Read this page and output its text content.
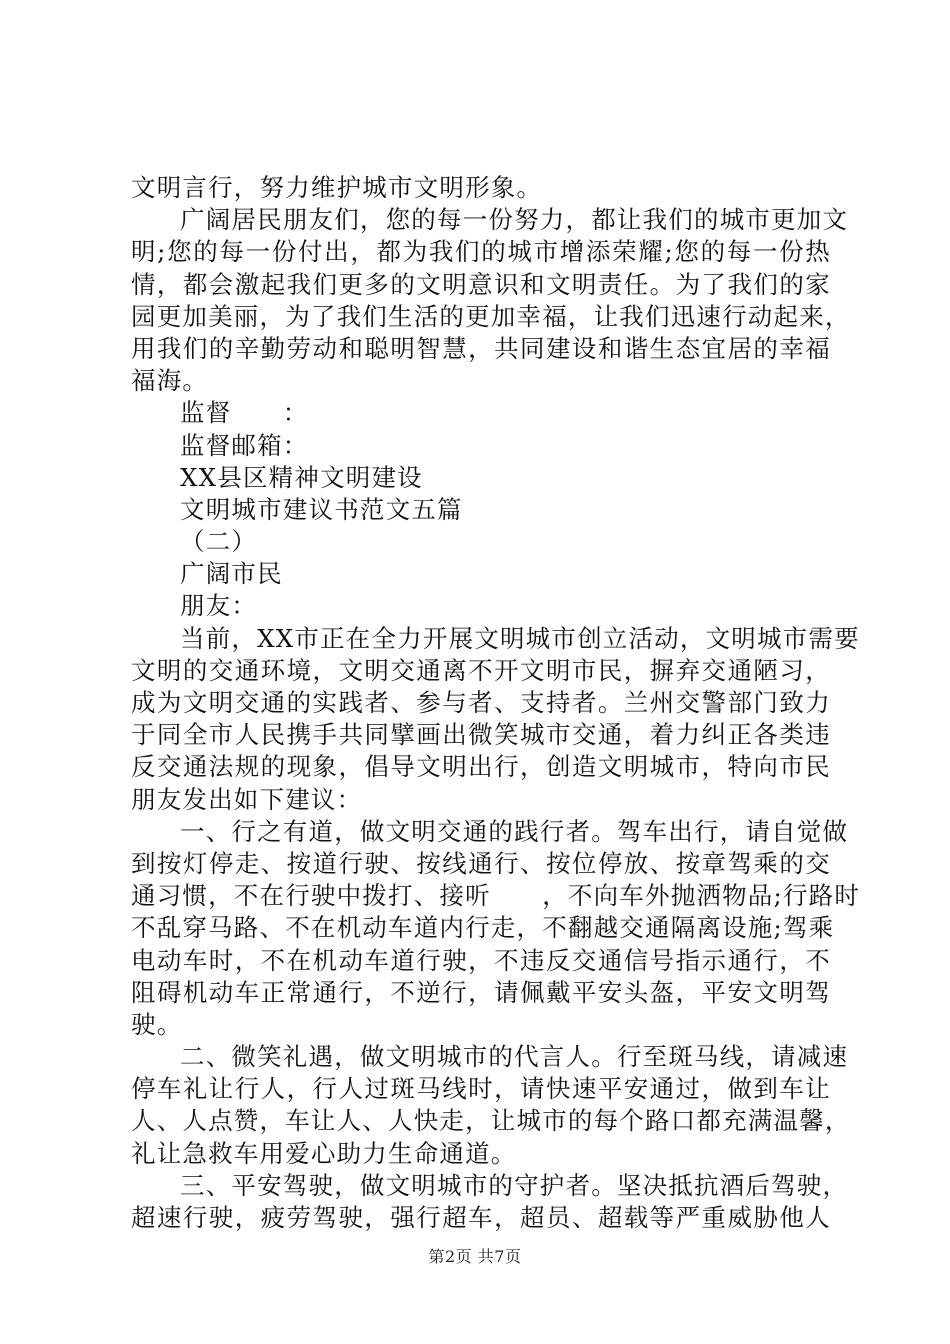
文明言行，努力维护城市文明形象。
广阔居民朋友们，您的每一份努力，都让我们的城市更加文
明;您的每一份付出，都为我们的城市增添荣耀;您的每一份热
情，都会激起我们更多的文明意识和文明责任。为了我们的家
园更加美丽，为了我们生活的更加幸福，让我们迅速行动起来，
用我们的辛勤劳动和聪明智慧，共同建设和谐生态宜居的幸福
福海。
监督　　：
监督邮箱：
XX县区精神文明建设
文明城市建议书范文五篇
（二）
广阔市民
朋友：
当前，XX市正在全力开展文明城市创立活动，文明城市需要
文明的交通环境，文明交通离不开文明市民，摒弃交通陋习，
成为文明交通的实践者、参与者、支持者。兰州交警部门致力
于同全市人民携手共同擘画出微笑城市交通，着力纠正各类违
反交通法规的现象，倡导文明出行，创造文明城市，特向市民
朋友发出如下建议：
一、行之有道，做文明交通的践行者。驾车出行，请自觉做
到按灯停走、按道行驶、按线通行、按位停放、按章驾乘的交
通习惯，不在行驶中拨打、接听　　，不向车外抛洒物品;行路时
不乱穿马路、不在机动车道内行走，不翻越交通隔离设施;驾乘
电动车时，不在机动车道行驶，不违反交通信号指示通行，不
阻碍机动车正常通行，不逆行，请佩戴平安头盔，平安文明驾
驶。
二、微笑礼遇，做文明城市的代言人。行至斑马线，请减速
停车礼让行人，行人过斑马线时，请快速平安通过，做到车让
人、人点赞，车让人、人快走，让城市的每个路口都充满温馨，
礼让急救车用爱心助力生命通道。
三、平安驾驶，做文明城市的守护者。坚决抵抗酒后驾驶，
超速行驶，疲劳驾驶，强行超车，超员、超载等严重威胁他人
第2页 共7页
